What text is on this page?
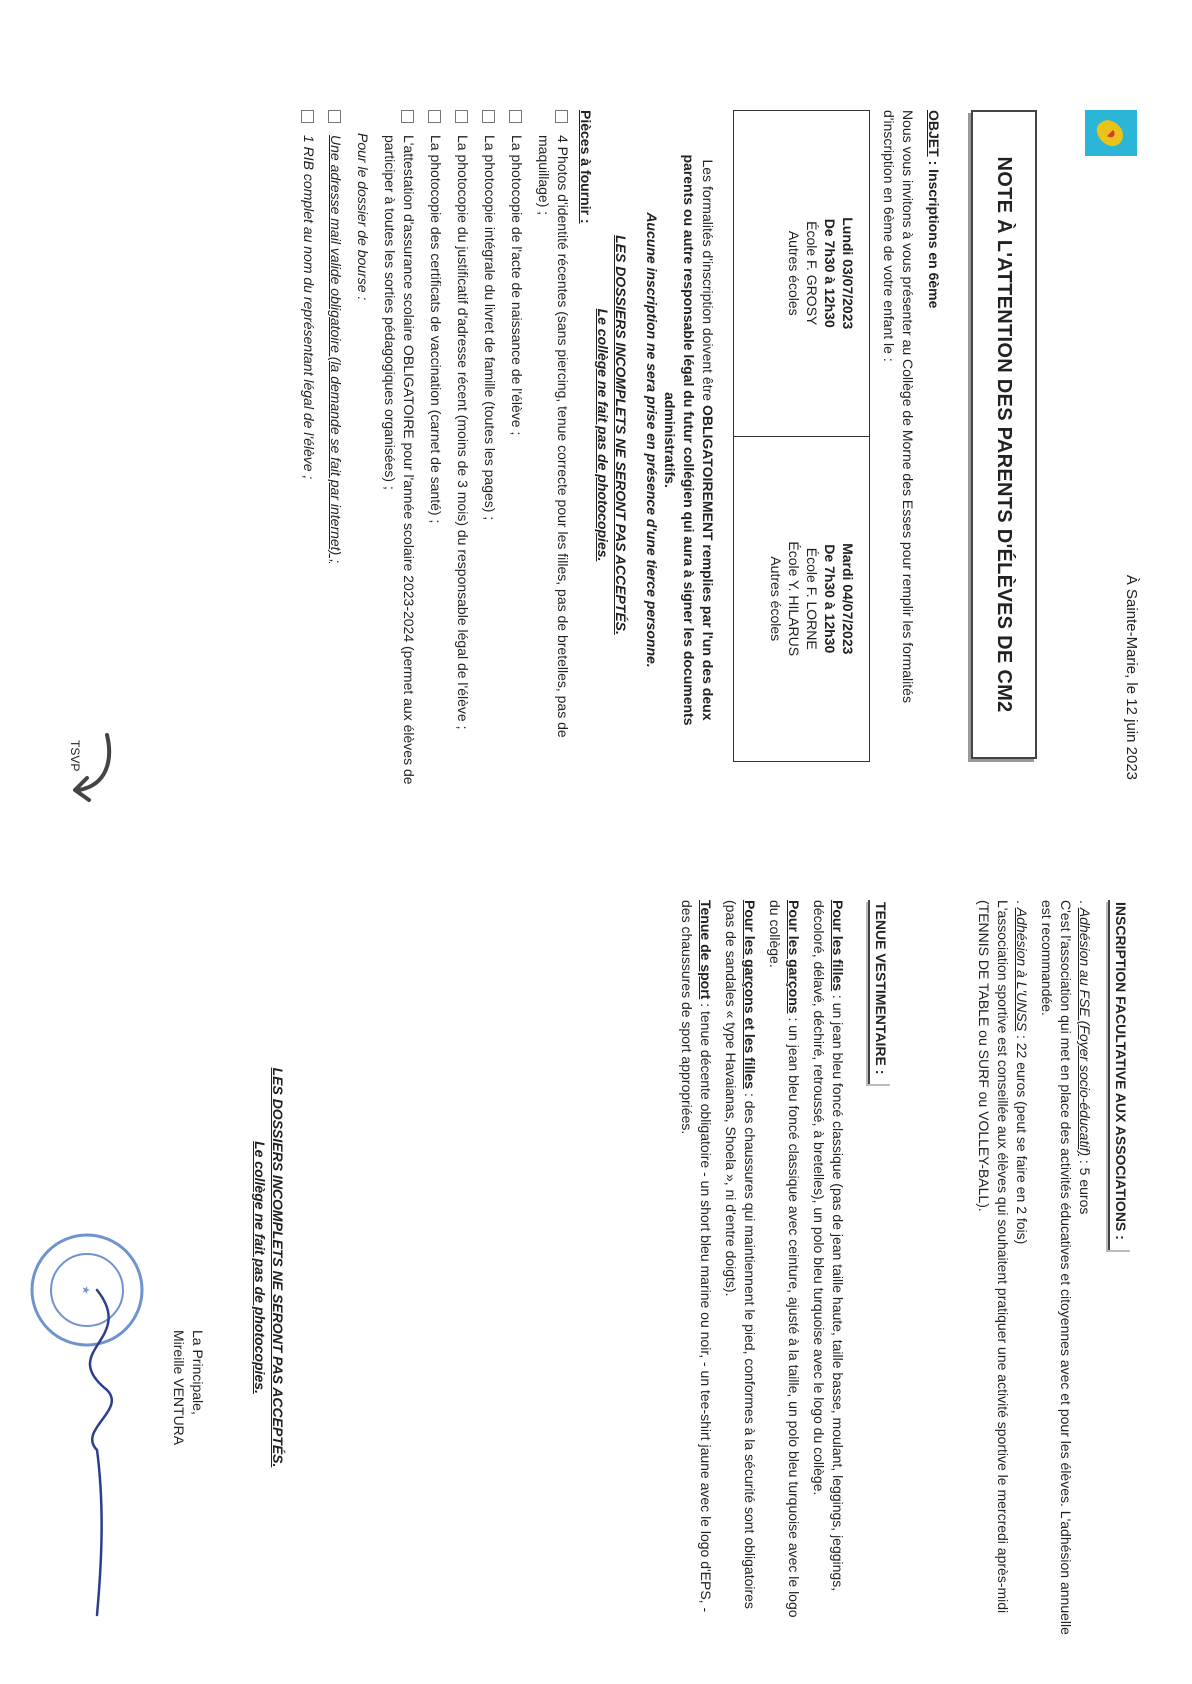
À Sainte-Marie, le 12 juin 2023
NOTE À L'ATTENTION DES PARENTS D'ÉLÈVES DE CM2
OBJET : Inscriptions en 6ème
Nous vous invitons à vous présenter au Collège de Morne des Esses pour remplir les formalités d'inscription en 6ème de votre enfant le :
Lundi 03/07/2023
De 7h30 à 12h30
École F. GROSY
Autres écoles
Mardi 04/07/2023
De 7h30 à 12h30
École F. LORNE
École Y. HILARUS
Autres écoles
Les formalités d'inscription doivent être OBLIGATOIREMENT remplies par l'un des deux parents ou autre responsable légal du futur collégien qui aura à signer les documents administratifs.
Aucune inscription ne sera prise en présence d'une tierce personne.
LES DOSSIERS INCOMPLETS NE SERONT PAS ACCEPTÉS.
Le collège ne fait pas de photocopies.
Pièces à fournir :
4 Photos d'identité récentes (sans piercing, tenue correcte pour les filles, pas de bretelles, pas de maquillage) ;
La photocopie de l'acte de naissance de l'élève ;
La photocopie intégrale du livret de famille (toutes les pages) ;
La photocopie du justificatif d'adresse récent (moins de 3 mois) du responsable légal de l'élève ;
La photocopie des certificats de vaccination (carnet de santé) ;
L'attestation d'assurance scolaire OBLIGATOIRE pour l'année scolaire 2023-2024 (permet aux élèves de participer à toutes les sorties pédagogiques organisées) ;
Pour le dossier de bourse :
Une adresse mail valide obligatoire (la demande se fait par internet) ;
1 RIB complet au nom du représentant légal de l'élève ;
TSVP
INSCRIPTION FACULTATIVE AUX ASSOCIATIONS :

. Adhésion au FSE (Foyer socio-éducatif) : 5 euros
C'est l'association qui met en place des activités éducatives et citoyennes avec et pour les élèves. L'adhésion annuelle est recommandée.

. Adhésion à L'UNSS : 22 euros (peut se faire en 2 fois)
L'association sportive est conseillée aux élèves qui souhaitent pratiquer une activité sportive le mercredi après-midi (TENNIS DE TABLE ou SURF ou VOLLEY-BALL).

TENUE VESTIMENTAIRE :

Pour les filles : un jean bleu foncé classique (pas de jean taille haute, taille basse, moulant, leggings, jeggings, décoloré, délavé, déchiré, retroussé, à bretelles), un polo bleu turquoise avec le logo du collège.

Pour les garçons : un jean bleu foncé classique avec ceinture, ajusté à la taille, un polo bleu turquoise avec le logo du collège.

Pour les garçons et les filles : des chaussures qui maintiennent le pied, conformes à la sécurité sont obligatoires (pas de sandales « type Havaianas, Shoela », ni d'entre doigts).

Tenue de sport : tenue décente obligatoire - un short bleu marine ou noir, - un tee-shirt jaune avec le logo d'EPS, - des chaussures de sport appropriées.

LES DOSSIERS INCOMPLETS NE SERONT PAS ACCEPTÉS.
Le collège ne fait pas de photocopies.
★
La Principale,
Mireille VENTURA
